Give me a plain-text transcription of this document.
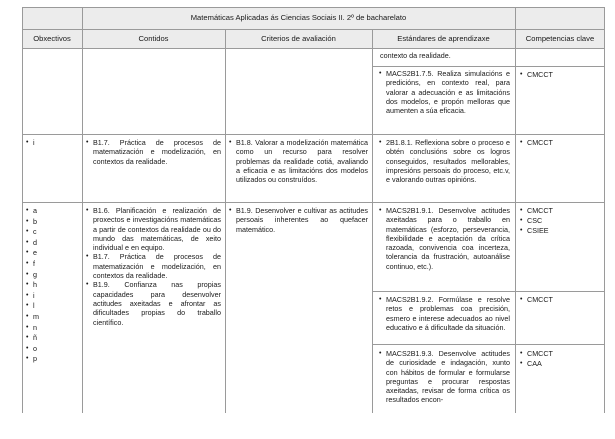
Matemáticas Aplicadas ás Ciencias Sociais II. 2º de bacharelato
Obxectivos	Contidos	Criterios de avaliación	Estándares de aprendizaxe	Competencias clave
contexto da realidade.
• MACS2B1.7.5. Realiza simulacións e predicións, en contexto real, para valorar a adecuación e as limitacións dos modelos, e propón melloras que aumenten a súa eficacia.
• CMCCT
• i
•	B1.7. Práctica de procesos de matematización e modelización, en contextos da realidade.
• B1.8. Valorar a modelización matemática como un recurso para resolver problemas da realidade cotiá, avaliando a eficacia e as limitacións dos modelos utilizados ou construídos.
• 2B1.8.1. Reflexiona sobre o proceso e obtén conclusións sobre os logros conseguidos, resultados mellorables, impresións persoais do proceso, etc.v, e valorando outras opinións.
• CMCCT
• a
• b
• c
• d
• e
• f
• g
• h
• i
• l
• m
• n
• ñ
• o
• p
• B1.6. Planificación e realización de proxectos e investigacións matemáticas a partir de contextos da realidade ou do mundo das matemáticas, de xeito individual e en equipo.
• B1.7. Práctica de procesos de matematización e modelización, en contextos da realidade.
• B1.9. Confianza nas propias capacidades para desenvolver actitudes axeitadas e afrontar as dificultades propias do traballo científico.
• B1.9. Desenvolver e cultivar as actitudes persoais inherentes ao quefacer matemático.
• MACS2B1.9.1. Desenvolve actitudes axeitadas para o traballo en matemáticas (esforzo, perseverancia, flexibilidade e aceptación da crítica razoada, convivencia coa incerteza, tolerancia da frustración, autoanálise continuo, etc.).
• CMCCT
• CSC
• CSIEE
• MACS2B1.9.2. Formúlase e resolve retos e problemas coa precisión, esmero e interese adecuados ao nivel educativo e á dificultade da situación.
• CMCCT
• MACS2B1.9.3. Desenvolve actitudes de curiosidade e indagación, xunto con hábitos de formular e formularse preguntas e procurar respostas axeitadas, revisar de forma crítica os resultados encon-
• CMCCT
• CAA
